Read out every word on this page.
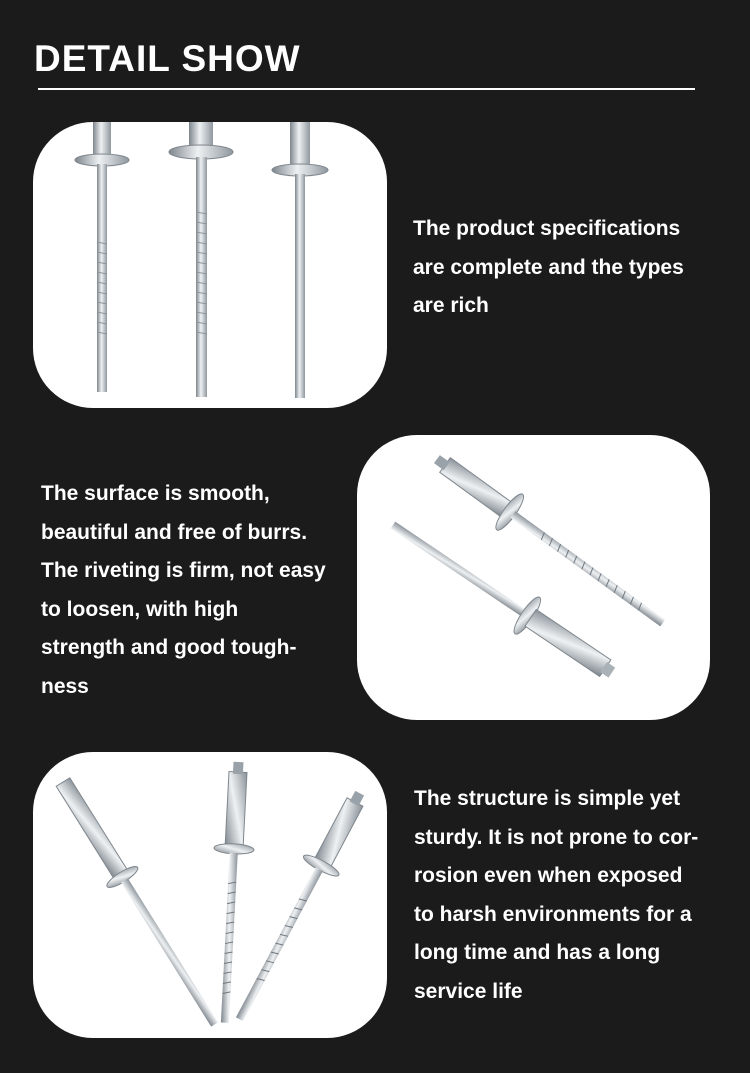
DETAIL SHOW

The product specifications
are complete and the types
are rich

The surface is smooth,
beautiful and free of burrs.
The riveting is firm, not easy
to loosen, with high
strength and good tough-
ness

The structure is simple yet
sturdy. It is not prone to cor-
rosion even when exposed
to harsh environments for a
long time and has a long
service life
